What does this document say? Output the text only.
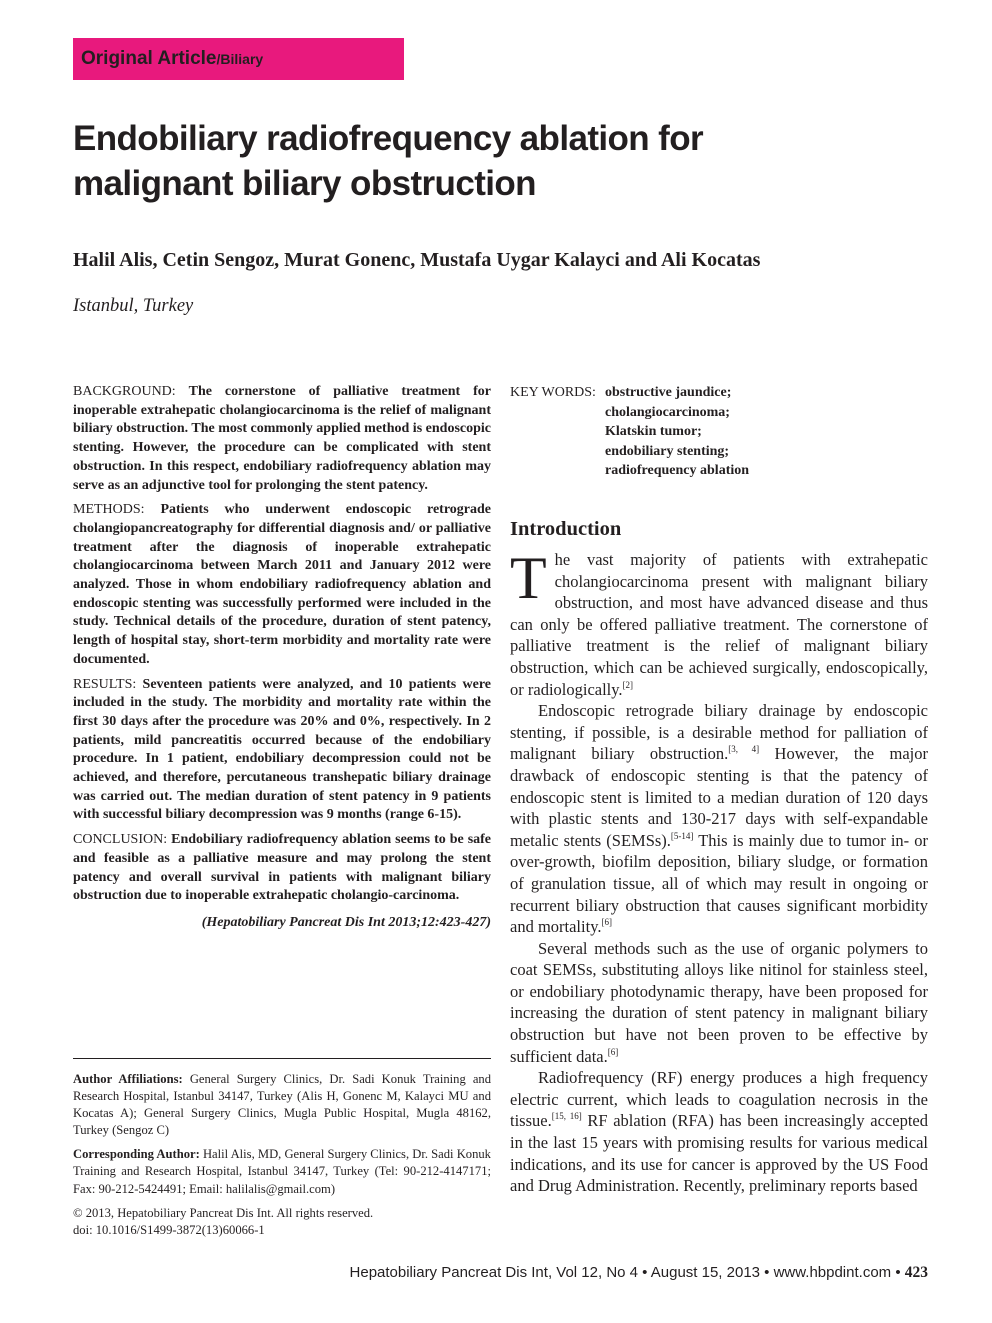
Original Article/Biliary
Endobiliary radiofrequency ablation for malignant biliary obstruction
Halil Alis, Cetin Sengoz, Murat Gonenc, Mustafa Uygar Kalayci and Ali Kocatas
Istanbul, Turkey

BACKGROUND: The cornerstone of palliative treatment for inoperable extrahepatic cholangiocarcinoma is the relief of malignant biliary obstruction. The most commonly applied method is endoscopic stenting. However, the procedure can be complicated with stent obstruction. In this respect, endobiliary radiofrequency ablation may serve as an adjunctive tool for prolonging the stent patency.

METHODS: Patients who underwent endoscopic retrograde cholangiopancreatography for differential diagnosis and/ or palliative treatment after the diagnosis of inoperable extrahepatic cholangiocarcinoma between March 2011 and January 2012 were analyzed. Those in whom endobiliary radiofrequency ablation and endoscopic stenting was successfully performed were included in the study. Technical details of the procedure, duration of stent patency, length of hospital stay, short-term morbidity and mortality rate were documented.

RESULTS: Seventeen patients were analyzed, and 10 patients were included in the study. The morbidity and mortality rate within the first 30 days after the procedure was 20% and 0%, respectively. In 2 patients, mild pancreatitis occurred because of the endobiliary procedure. In 1 patient, endobiliary decompression could not be achieved, and therefore, percutaneous transhepatic biliary drainage was carried out. The median duration of stent patency in 9 patients with successful biliary decompression was 9 months (range 6-15).

CONCLUSION: Endobiliary radiofrequency ablation seems to be safe and feasible as a palliative measure and may prolong the stent patency and overall survival in patients with malignant biliary obstruction due to inoperable extrahepatic cholangio-carcinoma.

(Hepatobiliary Pancreat Dis Int 2013;12:423-427)

Author Affiliations: General Surgery Clinics, Dr. Sadi Konuk Training and Research Hospital, Istanbul 34147, Turkey (Alis H, Gonenc M, Kalayci MU and Kocatas A); General Surgery Clinics, Mugla Public Hospital, Mugla 48162, Turkey (Sengoz C)

Corresponding Author: Halil Alis, MD, General Surgery Clinics, Dr. Sadi Konuk Training and Research Hospital, Istanbul 34147, Turkey (Tel: 90-212-4147171; Fax: 90-212-5424491; Email: halilalis@gmail.com)

© 2013, Hepatobiliary Pancreat Dis Int. All rights reserved.
doi: 10.1016/S1499-3872(13)60066-1

KEY WORDS: obstructive jaundice;
cholangiocarcinoma;
Klatskin tumor;
endobiliary stenting;
radiofrequency ablation
Introduction

The vast majority of patients with extrahepatic cholangiocarcinoma present with malignant biliary obstruction, and most have advanced disease and thus can only be offered palliative treatment. The cornerstone of palliative treatment is the relief of malignant biliary obstruction, which can be achieved surgically, endoscopically, or radiologically.[2]

Endoscopic retrograde biliary drainage by endoscopic stenting, if possible, is a desirable method for palliation of malignant biliary obstruction.[3, 4] However, the major drawback of endoscopic stenting is that the patency of endoscopic stent is limited to a median duration of 120 days with plastic stents and 130-217 days with self-expandable metalic stents (SEMSs).[5-14] This is mainly due to tumor in- or over-growth, biofilm deposition, biliary sludge, or formation of granulation tissue, all of which may result in ongoing or recurrent biliary obstruction that causes significant morbidity and mortality.[6]

Several methods such as the use of organic polymers to coat SEMSs, substituting alloys like nitinol for stainless steel, or endobiliary photodynamic therapy, have been proposed for increasing the duration of stent patency in malignant biliary obstruction but have not been proven to be effective by sufficient data.[6]

Radiofrequency (RF) energy produces a high frequency electric current, which leads to coagulation necrosis in the tissue.[15, 16] RF ablation (RFA) has been increasingly accepted in the last 15 years with promising results for various medical indications, and its use for cancer is approved by the US Food and Drug Administration. Recently, preliminary reports based

Hepatobiliary Pancreat Dis Int, Vol 12, No 4 • August 15, 2013 • www.hbpdint.com • 423
